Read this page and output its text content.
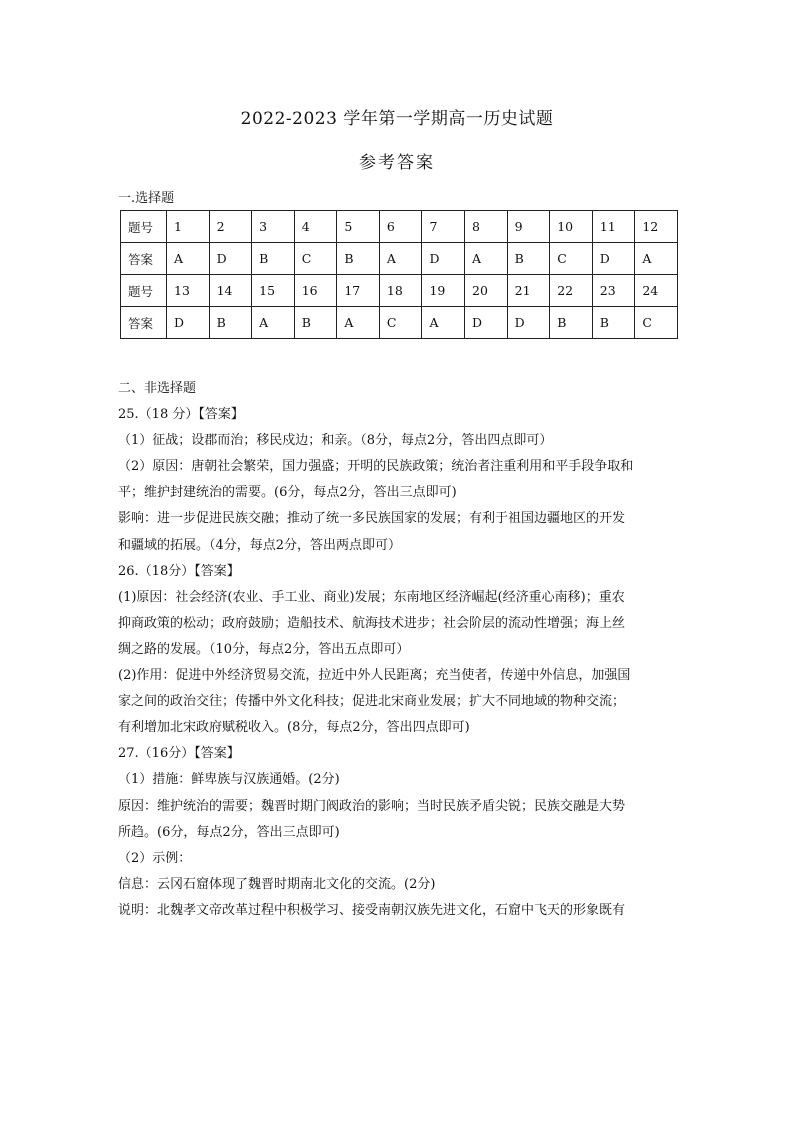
2022-2023 学年第一学期高一历史试题
参考答案
一.选择题
题号	1	2	3	4	5	6	7	8	9	10	11	12
答案	A	D	B	C	B	A	D	A	B	C	D	A
题号	13	14	15	16	17	18	19	20	21	22	23	24
答案	D	B	A	B	A	C	A	D	D	B	B	C

二、非选择题

25.（18 分）【答案】

（1）征战；设郡而治；移民戍边；和亲。（8分，每点2分，答出四点即可）

（2）原因：唐朝社会繁荣，国力强盛；开明的民族政策；统治者注重利用和平手段争取和

平；维护封建统治的需要。(6分，每点2分，答出三点即可)

影响：进一步促进民族交融；推动了统一多民族国家的发展；有利于祖国边疆地区的开发

和疆域的拓展。（4分，每点2分，答出两点即可）

26.（18分）【答案】

(1)原因：社会经济(农业、手工业、商业)发展；东南地区经济崛起(经济重心南移)；重农

抑商政策的松动；政府鼓励；造船技术、航海技术进步；社会阶层的流动性增强；海上丝

绸之路的发展。（10分，每点2分，答出五点即可）

(2)作用：促进中外经济贸易交流，拉近中外人民距离；充当使者，传递中外信息，加强国

家之间的政治交往；传播中外文化科技；促进北宋商业发展；扩大不同地域的物种交流；

有利增加北宋政府赋税收入。(8分，每点2分，答出四点即可)

27.（16分）【答案】

（1）措施：鲜卑族与汉族通婚。(2分)

原因：维护统治的需要；魏晋时期门阀政治的影响；当时民族矛盾尖锐；民族交融是大势

所趋。(6分，每点2分，答出三点即可)

（2）示例：

信息：云冈石窟体现了魏晋时期南北文化的交流。(2分)

说明：北魏孝文帝改革过程中积极学习、接受南朝汉族先进文化，石窟中飞天的形象既有
